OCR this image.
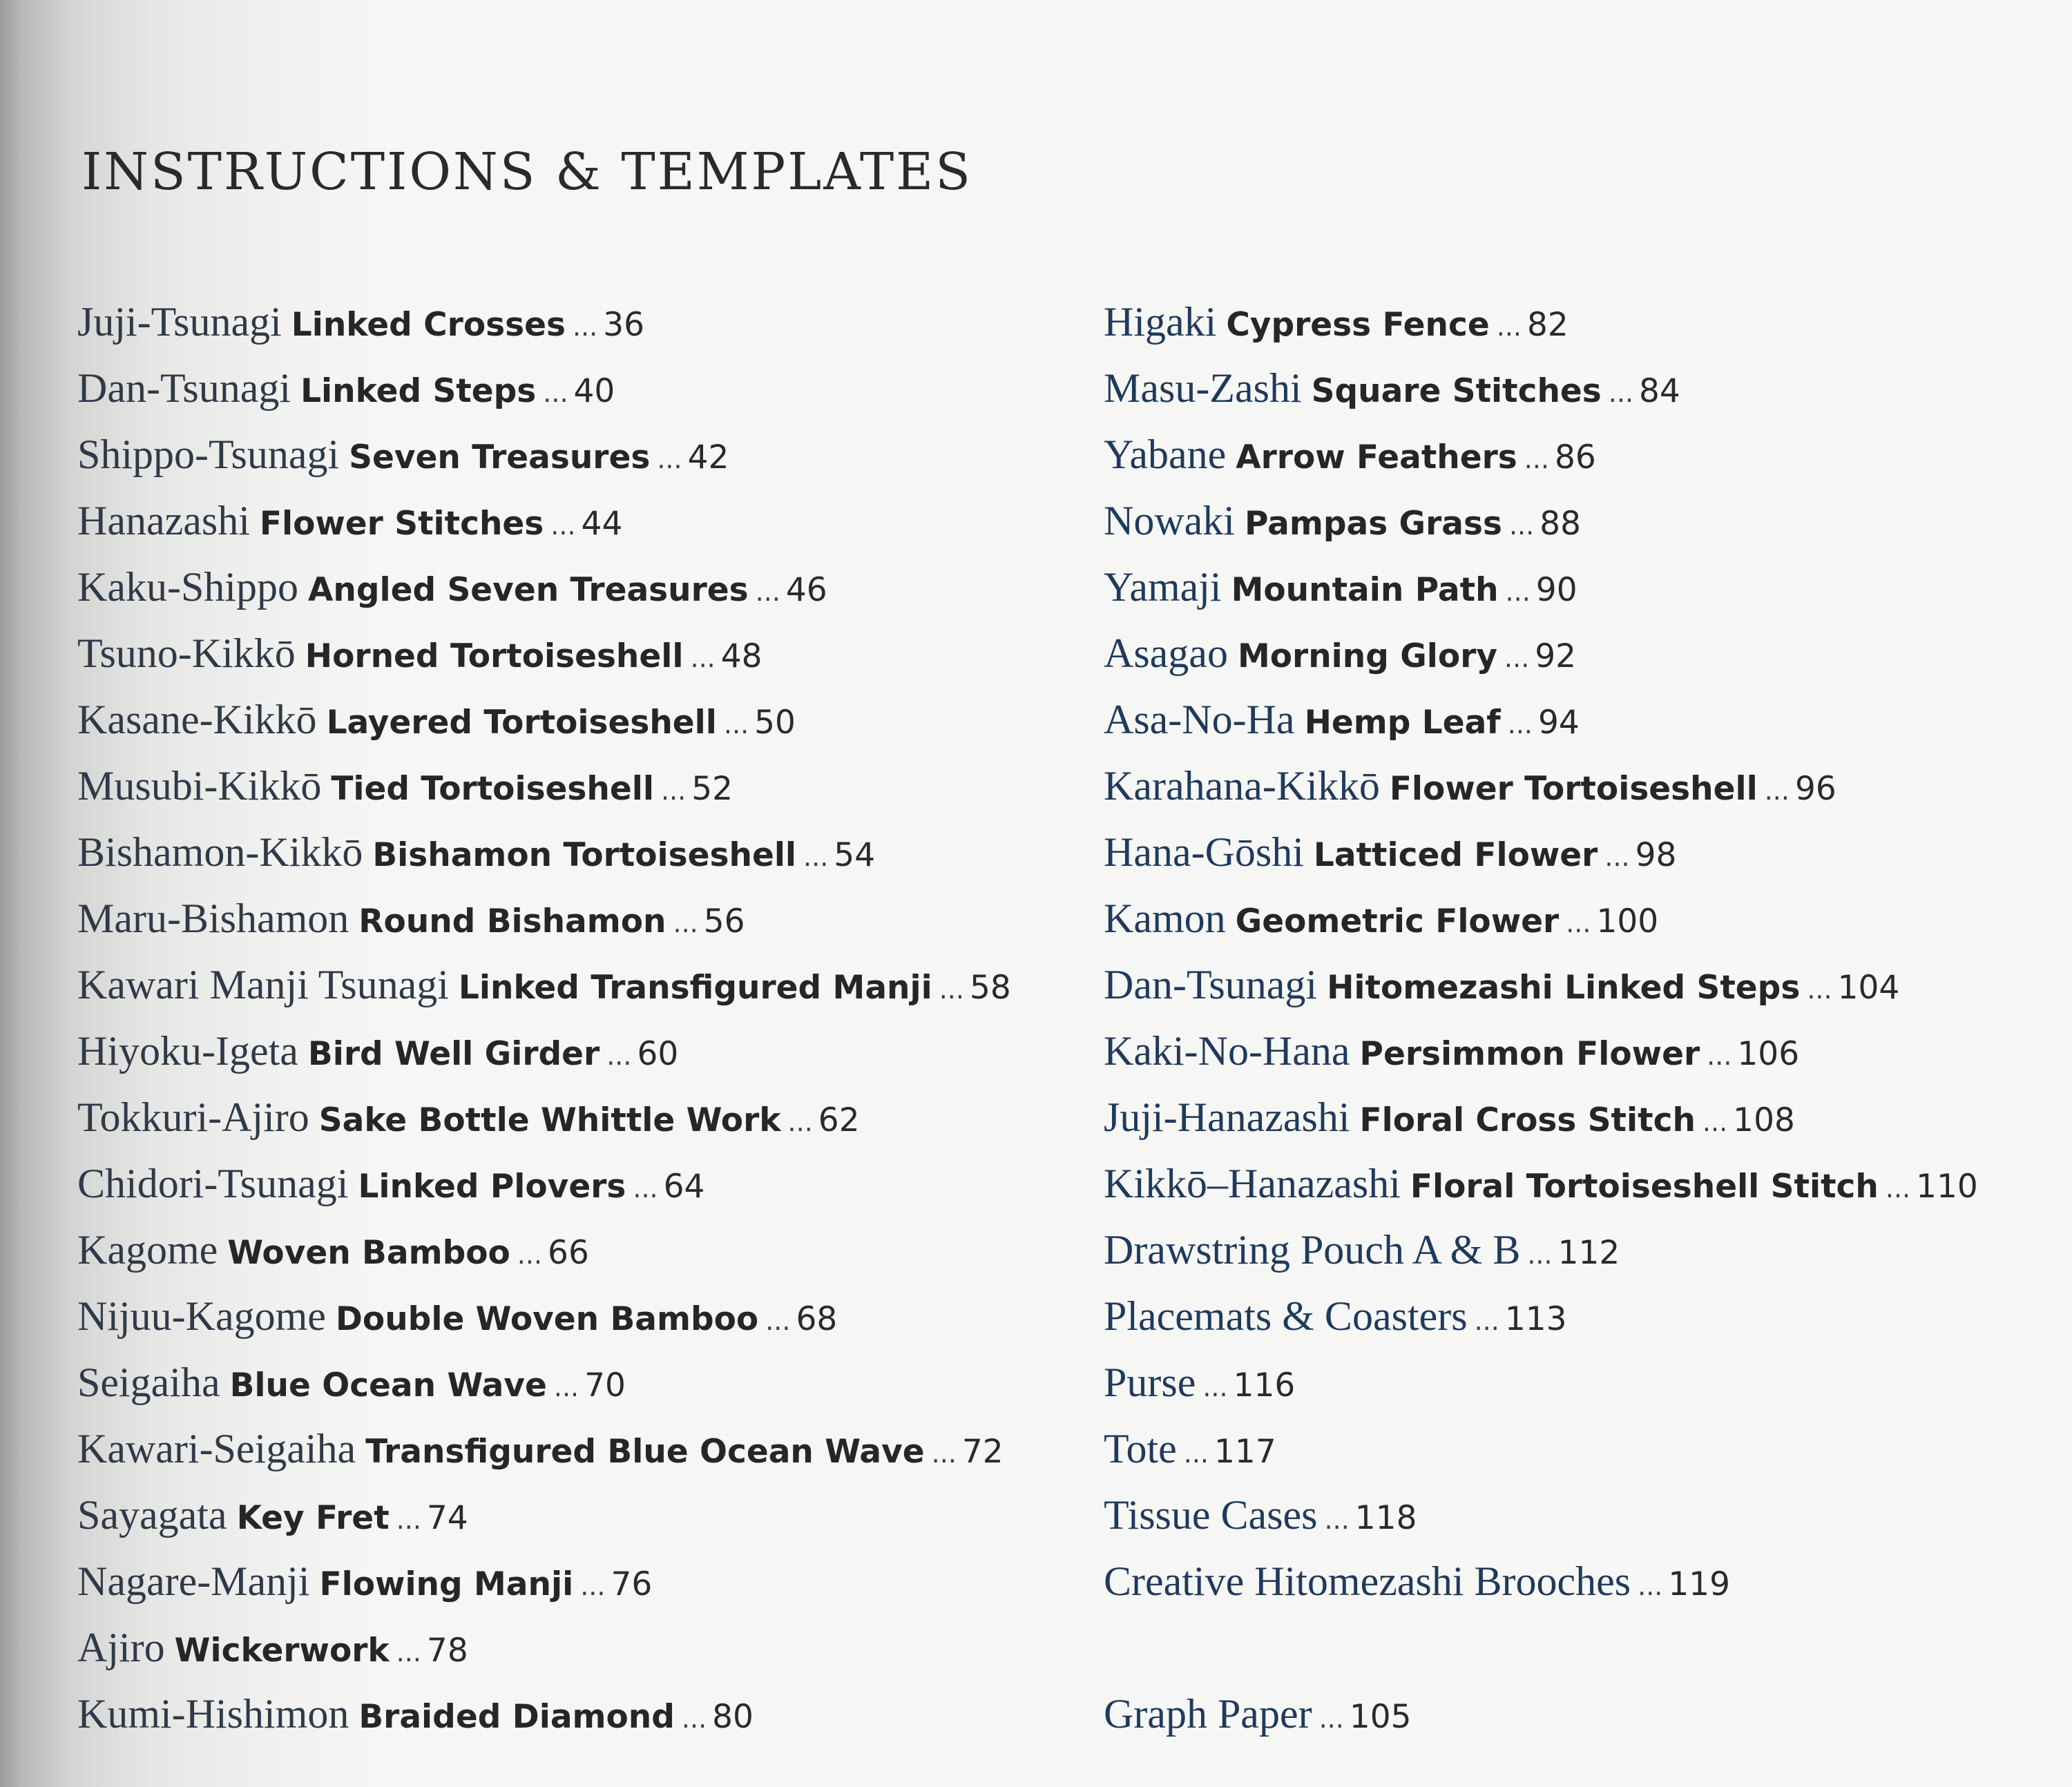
INSTRUCTIONS & TEMPLATES
Juji-Tsunagi Linked Crosses ... 36
Dan-Tsunagi Linked Steps ... 40
Shippo-Tsunagi Seven Treasures ... 42
Hanazashi Flower Stitches ... 44
Kaku-Shippo Angled Seven Treasures ... 46
Tsuno-Kikkō Horned Tortoiseshell ... 48
Kasane-Kikkō Layered Tortoiseshell ... 50
Musubi-Kikkō Tied Tortoiseshell ... 52
Bishamon-Kikkō Bishamon Tortoiseshell ... 54
Maru-Bishamon Round Bishamon ... 56
Kawari Manji Tsunagi Linked Transfigured Manji ... 58
Hiyoku-Igeta Bird Well Girder ... 60
Tokkuri-Ajiro Sake Bottle Whittle Work ... 62
Chidori-Tsunagi Linked Plovers ... 64
Kagome Woven Bamboo ... 66
Nijuu-Kagome Double Woven Bamboo ... 68
Seigaiha Blue Ocean Wave ... 70
Kawari-Seigaiha Transfigured Blue Ocean Wave ... 72
Sayagata Key Fret ... 74
Nagare-Manji Flowing Manji ... 76
Ajiro Wickerwork ... 78
Kumi-Hishimon Braided Diamond ... 80
Higaki Cypress Fence ... 82
Masu-Zashi Square Stitches ... 84
Yabane Arrow Feathers ... 86
Nowaki Pampas Grass ... 88
Yamaji Mountain Path ... 90
Asagao Morning Glory ... 92
Asa-No-Ha Hemp Leaf ... 94
Karahana-Kikkō Flower Tortoiseshell ... 96
Hana-Gōshi Latticed Flower ... 98
Kamon Geometric Flower ... 100
Dan-Tsunagi Hitomezashi Linked Steps ... 104
Kaki-No-Hana Persimmon Flower ... 106
Juji-Hanazashi Floral Cross Stitch ... 108
Kikkō–Hanazashi Floral Tortoiseshell Stitch ... 110
Drawstring Pouch A & B ... 112
Placemats & Coasters ... 113
Purse ... 116
Tote ... 117
Tissue Cases ... 118
Creative Hitomezashi Brooches ... 119
Graph Paper ... 105
